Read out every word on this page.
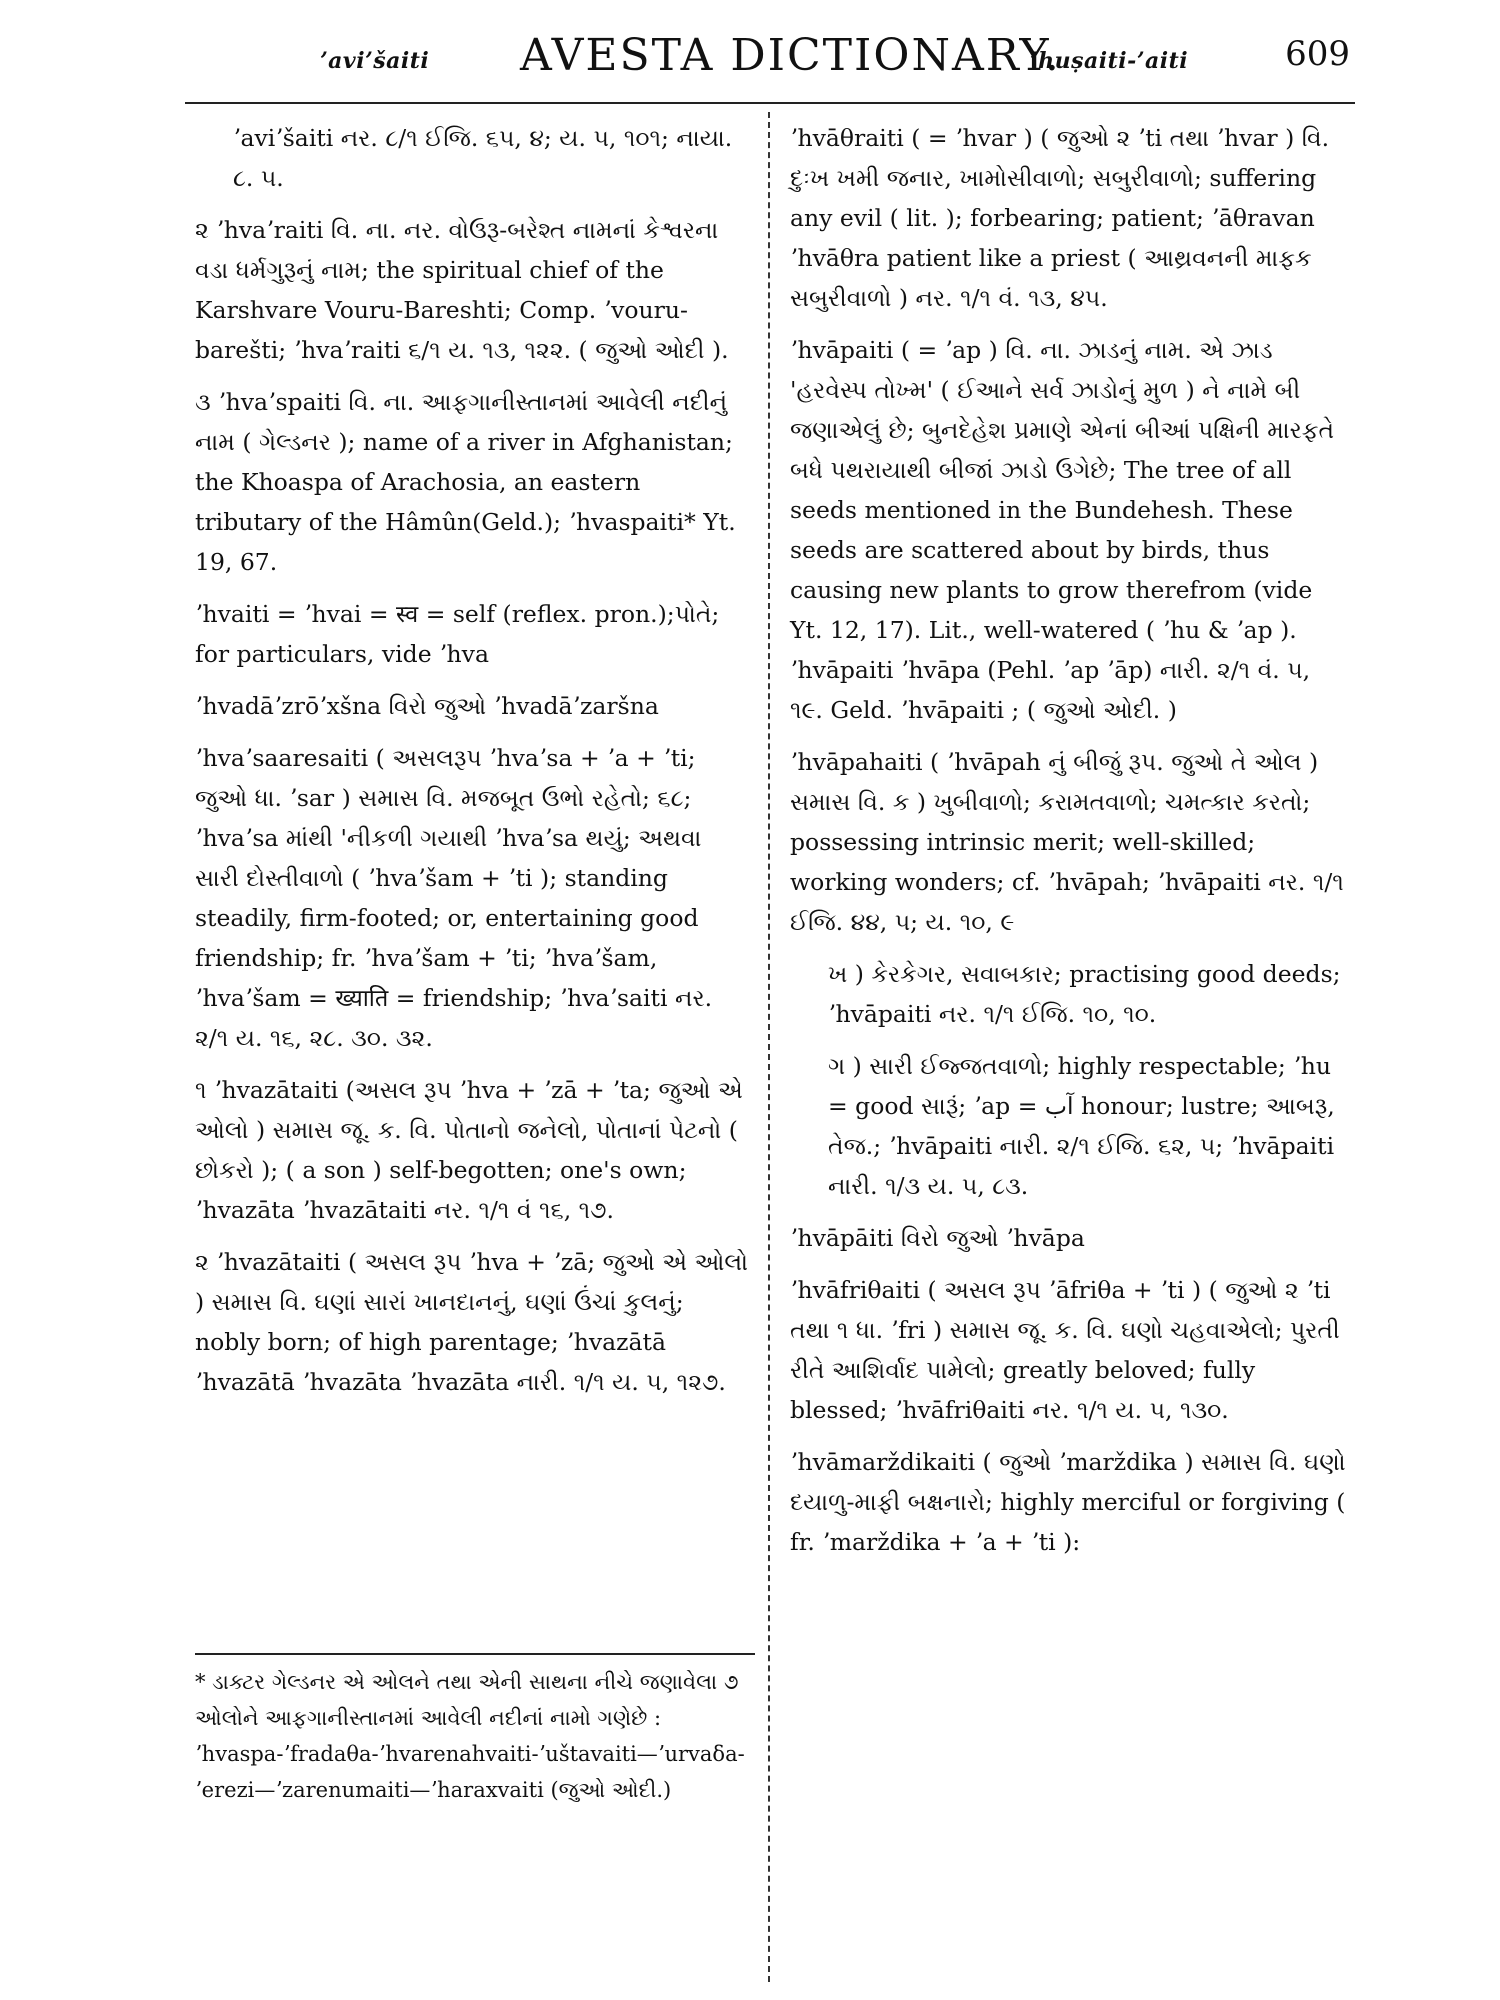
ʼaviʼšaiti AVESTA DICTIONARY.
ʼhuṣaiti-ʼaiti	609

ʼaviʼšaiti નર. ૮/૧ ઈજિ. ૬૫, ૪; ય. ૫, ૧૦૧; નાયા. ૮. ૫.

૨ ʼhvaʼraiti વિ. ના. નર. વોઉરૂ-બરેશ્ત નામનાં કેશ્વરના વડા ધર્મગુરૂનું નામ; the spiritual chief of the Karshvare Vouru-Bareshti; Comp. ʼvouru-barešti; ʼhvaʼraiti ૬/૧ ય. ૧૩, ૧૨૨. ( જુઓ ઓદી ).

૩ ʼhvaʼspaiti વિ. ના. આફગાનીસ્તાનમાં આવેલી નદીનું નામ ( ગેલ્ડનર ); name of a river in Afghanistan; the Khoaspa of Arachosia, an eastern tributary of the Hâmûn(Geld.); ʼhvaspaiti* Yt. 19, 67.

ʼhvaiti = ʼhvai = स्व = self (reflex. pron.);પોતે; for particulars, vide ʼhva

ʼhvadāʼzrōʼxšna વિરો જુઓ ʼhvadāʼzaršna

ʼhvaʼsaaresaiti ( અસલરૂપ ʼhvaʼsa + ʼa + ʼti; જુઓ ધા. ʼsar ) સમાસ વિ. મજબૂત ઉભો રહેતો; ૬૮; ʼhvaʼsa માંથી 'નીકળી ગયાથી ʼhvaʼsa થયું; અથવા સારી દોસ્તીવાળો ( ʼhvaʼšam + ʼti ); standing steadily, firm-footed; or, entertaining good friendship; fr. ʼhvaʼšam + ʼti; ʼhvaʼšam, ʼhvaʼšam = ख्याति = friendship; ʼhvaʼsaiti નર. ૨/૧ ય. ૧૬, ૨૮. ૩૦. ૩૨.

૧ ʼhvazātaiti (અસલ રૂપ ʼhva + ʼzā + ʼta; જુઓ એ ઓલો ) સમાસ જૂ. ક. વિ. પોતાનો જનેલો, પોતાનાં પેટનો ( છોકરો ); ( a son ) self-begotten; one's own; ʼhvazāta ʼhvazātaiti નર. ૧/૧ વં ૧૬, ૧૭.

૨ ʼhvazātaiti ( અસલ રૂપ ʼhva + ʼzā; જુઓ એ ઓલો ) સમાસ વિ. ઘણાં સારાં ખાનદાનનું, ઘણાં ઉંચાં કુલનું; nobly born; of high parentage; ʼhvazātā ʼhvazātā ʼhvazāta ʼhvazāta નારી. ૧/૧ ય. ૫, ૧૨૭.

* ડાક્ટર ગેલ્ડનર એ ઓલને તથા એની સાથના નીચે જણાવેલા ૭ ઓલોને આફગાનીસ્તાનમાં આવેલી નદીનાં નામો ગણેછે : ʼhvaspa-ʼfradaθa-ʼhvarenahvaiti-ʼuštavaiti—ʼurvaδa-ʼerezi—ʼzarenumaiti—ʼharaxvaiti (જુઓ ઓદી.)

ʼhvāθraiti ( = ʼhvar ) ( જુઓ ૨ ʼti તથા ʼhvar ) વિ. દુઃખ ખમી જનાર, ખામોસીવાળો; સબુરીવાળો; suffering any evil ( lit. ); forbearing; patient; ʼāθravan ʼhvāθra patient like a priest ( આથ્રવનની માફક સબુરીવાળો ) નર. ૧/૧ વં. ૧૩, ૪૫.

ʼhvāpaiti ( = ʼap ) વિ. ના. ઝાડનું નામ. એ ઝાડ 'હરવેસ્પ તોખ્મ' ( ઈઆને સર્વ ઝાડોનું મુળ ) ને નામે બી જણાએલું છે; બુનદેહેશ પ્રમાણે એનાં બીઆં પક્ષિની મારફતે બધે પથરાયાથી બીજાં ઝાડો ઉગેછે; The tree of all seeds mentioned in the Bundehesh. These seeds are scattered about by birds, thus causing new plants to grow therefrom (vide Yt. 12, 17). Lit., well-watered ( ʼhu & ʼap ). ʼhvāpaiti ʼhvāpa (Pehl. ʼap ʼāp) નારી. ૨/૧ વં. ૫, ૧૯. Geld. ʼhvāpaiti ; ( જુઓ ઓદી. )

ʼhvāpahaiti ( ʼhvāpah નું બીજું રૂપ. જુઓ તે ઓલ ) સમાસ વિ. ક ) ખુબીવાળો; કરામતવાળો; ચમત્કાર કરતો; possessing intrinsic merit; well-skilled; working wonders; cf. ʼhvāpah; ʼhvāpaiti નર. ૧/૧ ઈજિ. ૪૪, ૫; ય. ૧૦, ૯

ખ ) કેરકેગર, સવાબકાર; practising good deeds; ʼhvāpaiti નર. ૧/૧ ઈજિ. ૧૦, ૧૦.

ગ ) સારી ઈજ્જતવાળો; highly respectable; ʼhu = good સારૂં; ʼap = آب honour; lustre; આબરૂ, તેજ.; ʼhvāpaiti નારી. ૨/૧ ઈજિ. ૬૨, ૫; ʼhvāpaiti નારી. ૧/૩ ય. ૫, ૮૩.

ʼhvāpāiti વિરો જુઓ ʼhvāpa

ʼhvāfriθaiti ( અસલ રૂપ ʼāfriθa + ʼti ) ( જુઓ ૨ ʼti તથા ૧ ધા. ʼfri ) સમાસ જૂ. ક. વિ. ઘણો ચહવાએલો; પુરતી રીતે આશિર્વાદ પામેલો; greatly beloved; fully blessed; ʼhvāfriθaiti નર. ૧/૧ ય. ૫, ૧૩૦.

ʼhvāmarždikaiti ( જુઓ ʼmarždika ) સમાસ વિ. ઘણો દયાળુ-માફી બક્ષનારો; highly merciful or forgiving ( fr. ʼmarždika + ʼa + ʼti ):
